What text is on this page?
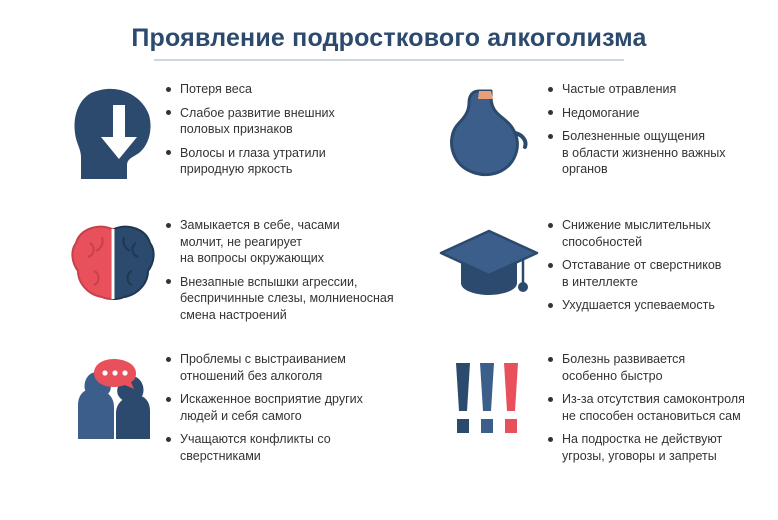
Проявление подросткового алкоголизма
Потеря веса
Слабое развитие внешних
половых признаков
Волосы и глаза утратили
природную яркость
Частые отравления
Недомогание
Болезненные ощущения
в области жизненно важных
органов
Замыкается в себе, часами
молчит, не реагирует
на вопросы окружающих
Внезапные вспышки агрессии,
беспричинные слезы, молниеносная
смена настроений
Снижение мыслительных
способностей
Отставание от сверстников
в интеллекте
Ухудшается успеваемость
Проблемы с выстраиванием
отношений без алкоголя
Искаженное восприятие других
людей и себя самого
Учащаются конфликты со сверстниками
Болезнь развивается
особенно быстро
Из-за отсутствия самоконтроля
не способен остановиться сам
На подростка не действуют
угрозы, уговоры и запреты
